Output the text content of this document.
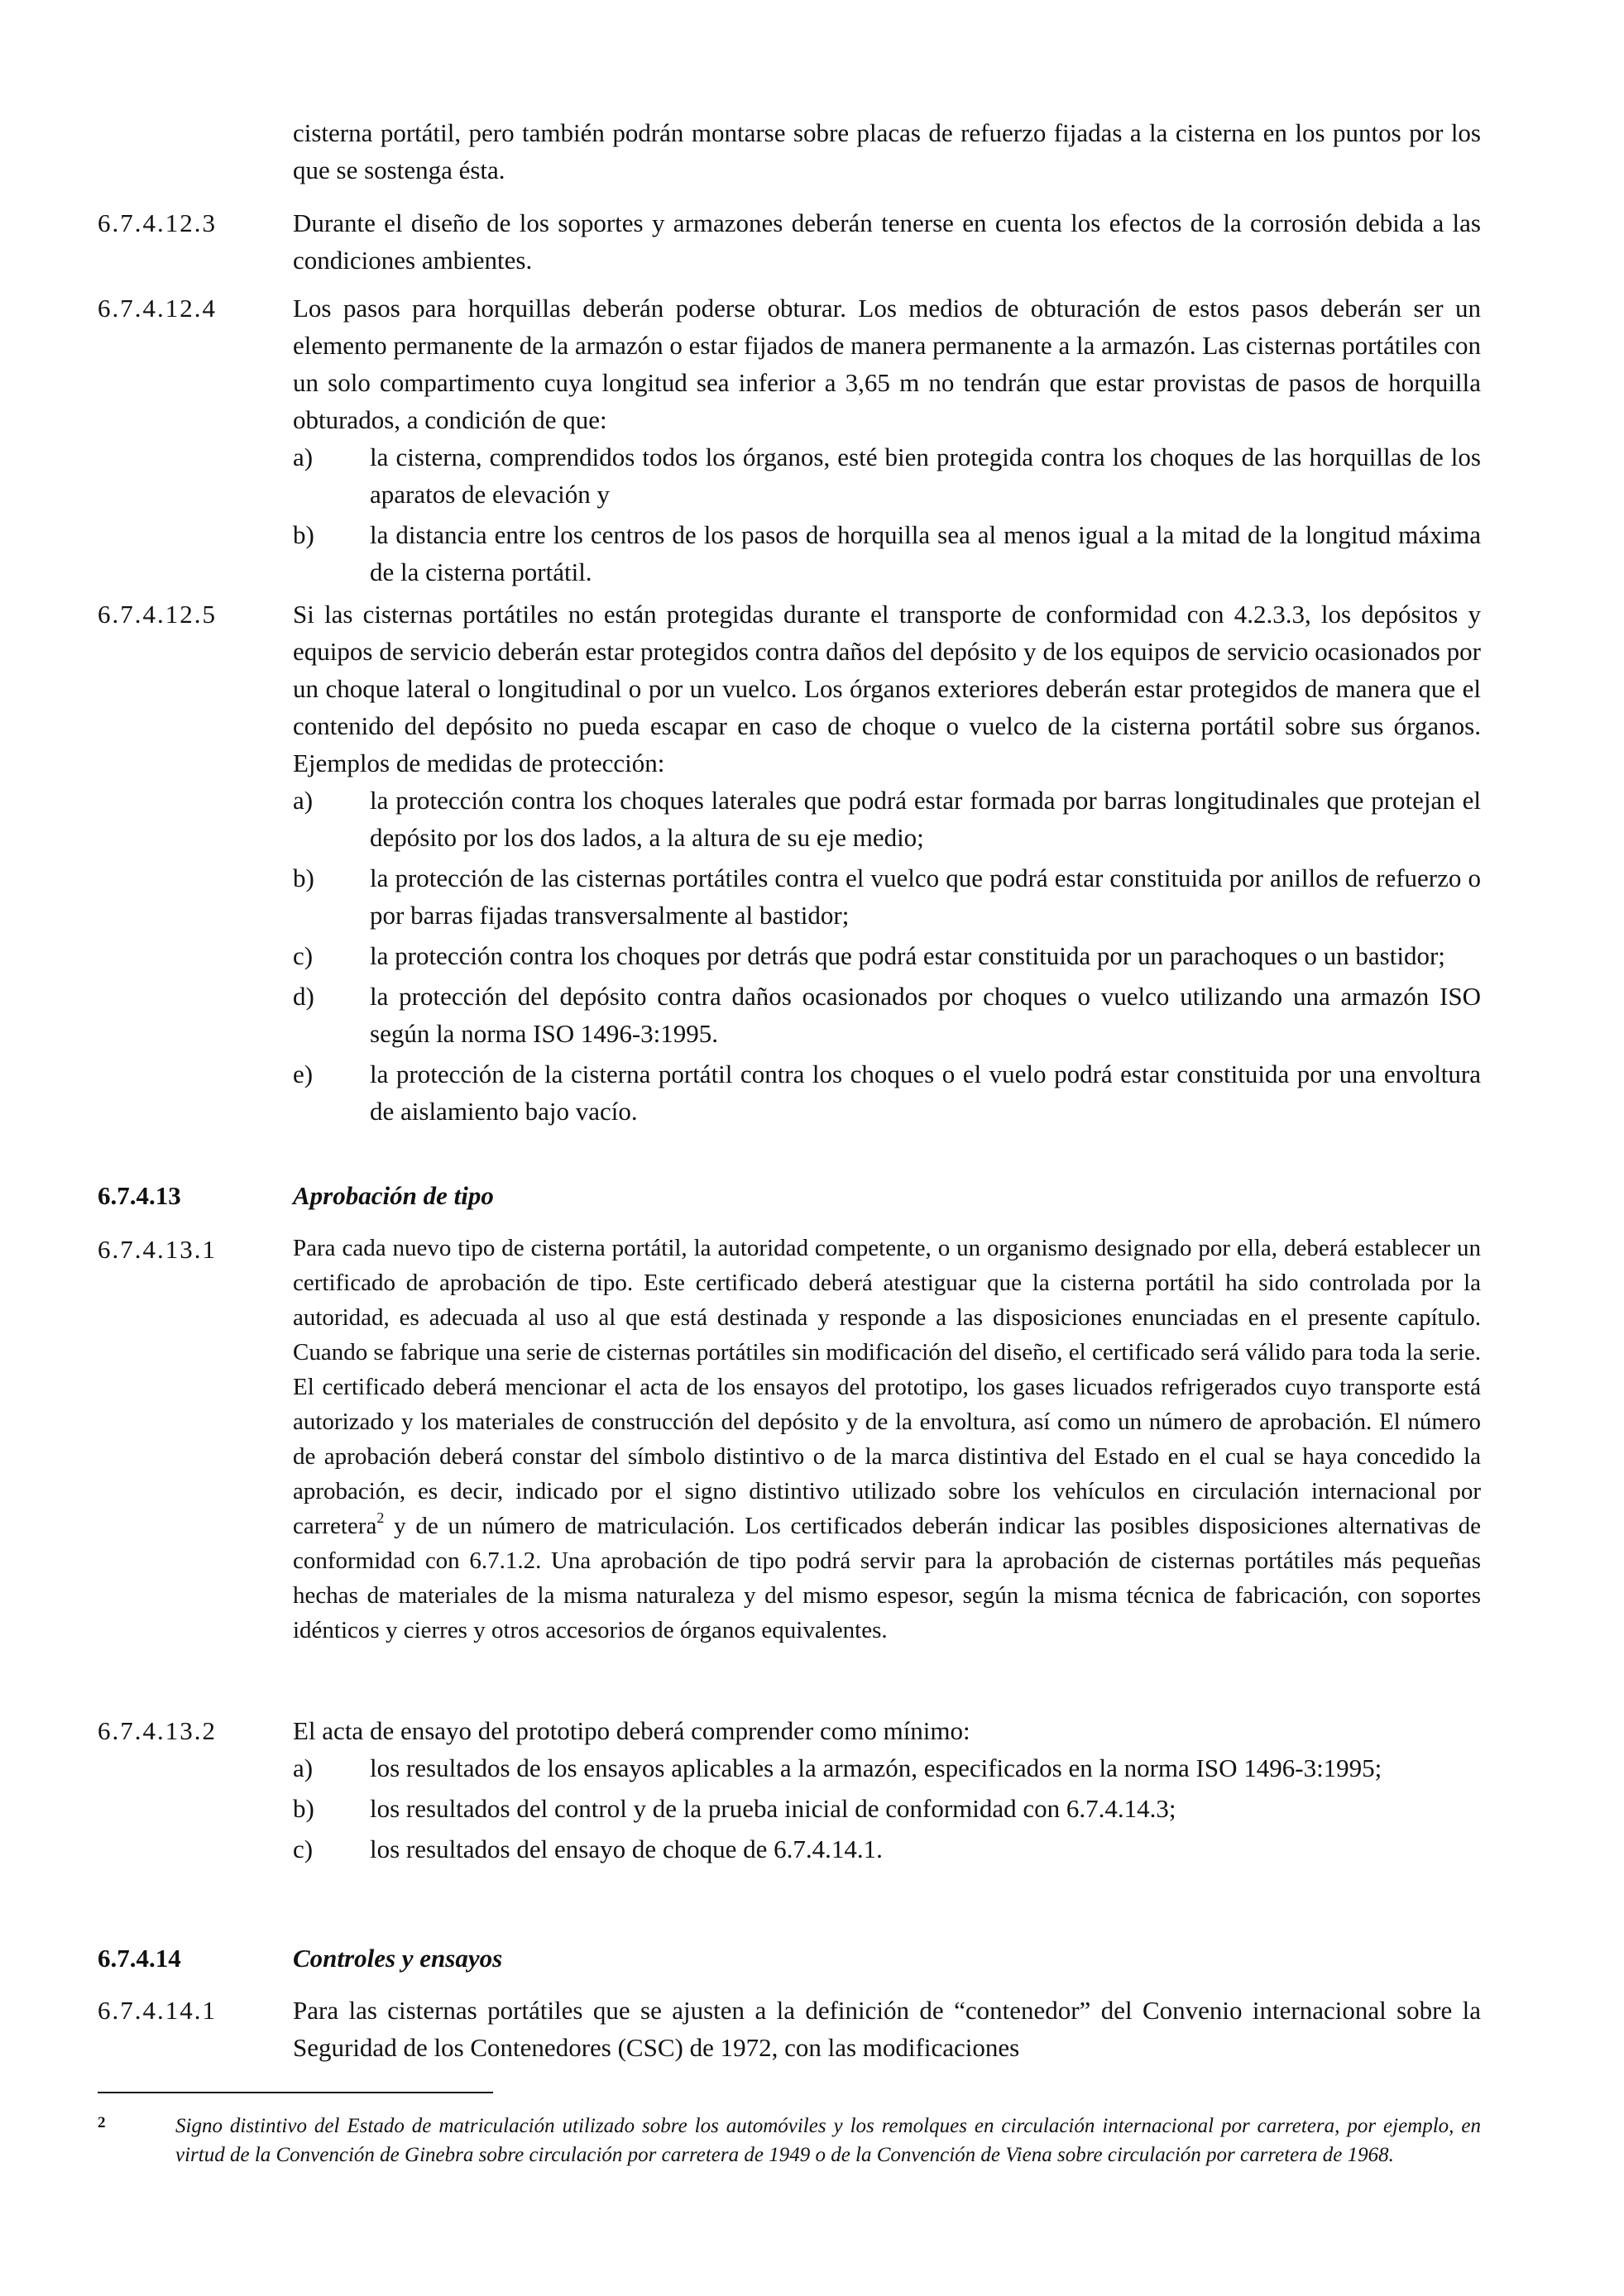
cisterna portátil, pero también podrán montarse sobre placas de refuerzo fijadas a la cisterna en los puntos por los que se sostenga ésta.
6.7.4.12.3	Durante el diseño de los soportes y armazones deberán tenerse en cuenta los efectos de la corrosión debida a las condiciones ambientes.
6.7.4.12.4	Los pasos para horquillas deberán poderse obturar. Los medios de obturación de estos pasos deberán ser un elemento permanente de la armazón o estar fijados de manera permanente a la armazón. Las cisternas portátiles con un solo compartimento cuya longitud sea inferior a 3,65 m no tendrán que estar provistas de pasos de horquilla obturados, a condición de que:
a)	la cisterna, comprendidos todos los órganos, esté bien protegida contra los choques de las horquillas de los aparatos de elevación y
b)	la distancia entre los centros de los pasos de horquilla sea al menos igual a la mitad de la longitud máxima de la cisterna portátil.
6.7.4.12.5	Si las cisternas portátiles no están protegidas durante el transporte de conformidad con 4.2.3.3, los depósitos y equipos de servicio deberán estar protegidos contra daños del depósito y de los equipos de servicio ocasionados por un choque lateral o longitudinal o por un vuelco. Los órganos exteriores deberán estar protegidos de manera que el contenido del depósito no pueda escapar en caso de choque o vuelco de la cisterna portátil sobre sus órganos. Ejemplos de medidas de protección:
a)	la protección contra los choques laterales que podrá estar formada por barras longitudinales que protejan el depósito por los dos lados, a la altura de su eje medio;
b)	la protección de las cisternas portátiles contra el vuelco que podrá estar constituida por anillos de refuerzo o por barras fijadas transversalmente al bastidor;
c)	la protección contra los choques por detrás que podrá estar constituida por un parachoques o un bastidor;
d)	la protección del depósito contra daños ocasionados por choques o vuelco utilizando una armazón ISO según la norma ISO 1496-3:1995.
e)	la protección de la cisterna portátil contra los choques o el vuelo podrá estar constituida por una envoltura de aislamiento bajo vacío.
6.7.4.13	Aprobación de tipo
6.7.4.13.1	Para cada nuevo tipo de cisterna portátil, la autoridad competente, o un organismo designado por ella, deberá establecer un certificado de aprobación de tipo. Este certificado deberá atestiguar que la cisterna portátil ha sido controlada por la autoridad, es adecuada al uso al que está destinada y responde a las disposiciones enunciadas en el presente capítulo. Cuando se fabrique una serie de cisternas portátiles sin modificación del diseño, el certificado será válido para toda la serie. El certificado deberá mencionar el acta de los ensayos del prototipo, los gases licuados refrigerados cuyo transporte está autorizado y los materiales de construcción del depósito y de la envoltura, así como un número de aprobación. El número de aprobación deberá constar del símbolo distintivo o de la marca distintiva del Estado en el cual se haya concedido la aprobación, es decir, indicado por el signo distintivo utilizado sobre los vehículos en circulación internacional por carretera$^2$ y de un número de matriculación. Los certificados deberán indicar las posibles disposiciones alternativas de conformidad con 6.7.1.2. Una aprobación de tipo podrá servir para la aprobación de cisternas portátiles más pequeñas hechas de materiales de la misma naturaleza y del mismo espesor, según la misma técnica de fabricación, con soportes idénticos y cierres y otros accesorios de órganos equivalentes.
6.7.4.13.2	El acta de ensayo del prototipo deberá comprender como mínimo:
a)	los resultados de los ensayos aplicables a la armazón, especificados en la norma ISO 1496-3:1995;
b)	los resultados del control y de la prueba inicial de conformidad con 6.7.4.14.3;
c)	los resultados del ensayo de choque de 6.7.4.14.1.
6.7.4.14	Controles y ensayos
6.7.4.14.1	Para las cisternas portátiles que se ajusten a la definición de “contenedor” del Convenio internacional sobre la Seguridad de los Contenedores (CSC) de 1972, con las modificaciones
2	Signo distintivo del Estado de matriculación utilizado sobre los automóviles y los remolques en circulación internacional por carretera, por ejemplo, en virtud de la Convención de Ginebra sobre circulación por carretera de 1949 o de la Convención de Viena sobre circulación por carretera de 1968.
